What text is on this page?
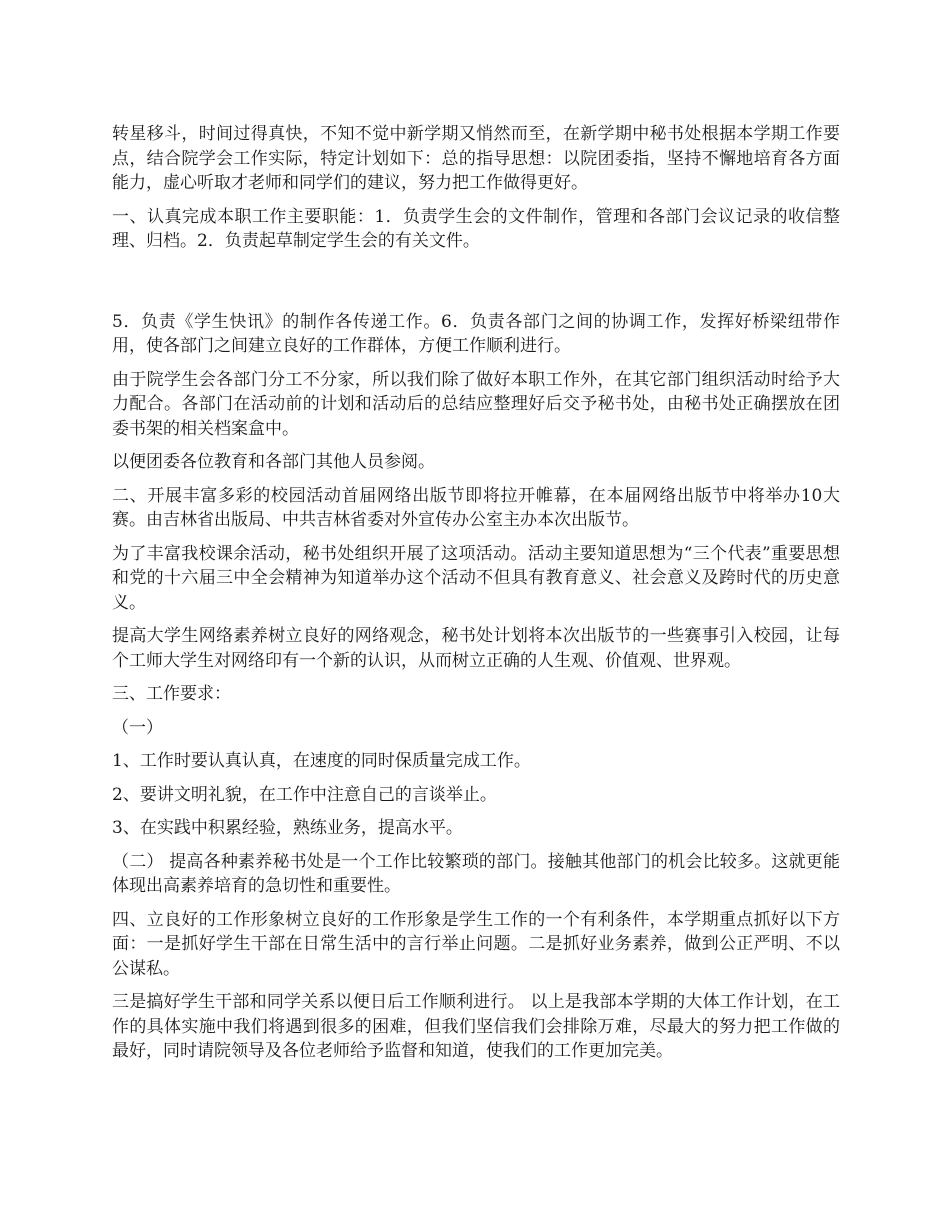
转星移斗，时间过得真快，不知不觉中新学期又悄然而至，在新学期中秘书处根据本学期工作要点，结合院学会工作实际，特定计划如下：总的指导思想：以院团委指，坚持不懈地培育各方面能力，虚心听取才老师和同学们的建议，努力把工作做得更好。

一、认真完成本职工作主要职能：1．负责学生会的文件制作，管理和各部门会议记录的收信整理、归档。2．负责起草制定学生会的有关文件。

5．负责《学生快讯》的制作各传递工作。6．负责各部门之间的协调工作，发挥好桥梁纽带作用，使各部门之间建立良好的工作群体，方便工作顺利进行。

由于院学生会各部门分工不分家，所以我们除了做好本职工作外，在其它部门组织活动时给予大力配合。各部门在活动前的计划和活动后的总结应整理好后交予秘书处，由秘书处正确摆放在团委书架的相关档案盒中。

以便团委各位教育和各部门其他人员参阅。

二、开展丰富多彩的校园活动首届网络出版节即将拉开帷幕，在本届网络出版节中将举办10大赛。由吉林省出版局、中共吉林省委对外宣传办公室主办本次出版节。

为了丰富我校课余活动，秘书处组织开展了这项活动。活动主要知道思想为“三个代表”重要思想和党的十六届三中全会精神为知道举办这个活动不但具有教育意义、社会意义及跨时代的历史意义。

提高大学生网络素养树立良好的网络观念，秘书处计划将本次出版节的一些赛事引入校园，让每个工师大学生对网络印有一个新的认识，从而树立正确的人生观、价值观、世界观。

三、工作要求：

（一）

1、工作时要认真认真，在速度的同时保质量完成工作。

2、要讲文明礼貌，在工作中注意自己的言谈举止。

3、在实践中积累经验，熟练业务，提高水平。

（二） 提高各种素养秘书处是一个工作比较繁琐的部门。接触其他部门的机会比较多。这就更能体现出高素养培育的急切性和重要性。

四、立良好的工作形象树立良好的工作形象是学生工作的一个有利条件，本学期重点抓好以下方面：一是抓好学生干部在日常生活中的言行举止问题。二是抓好业务素养，做到公正严明、不以公谋私。

三是搞好学生干部和同学关系以便日后工作顺利进行。 以上是我部本学期的大体工作计划，在工作的具体实施中我们将遇到很多的困难，但我们坚信我们会排除万难，尽最大的努力把工作做的最好，同时请院领导及各位老师给予监督和知道，使我们的工作更加完美。
